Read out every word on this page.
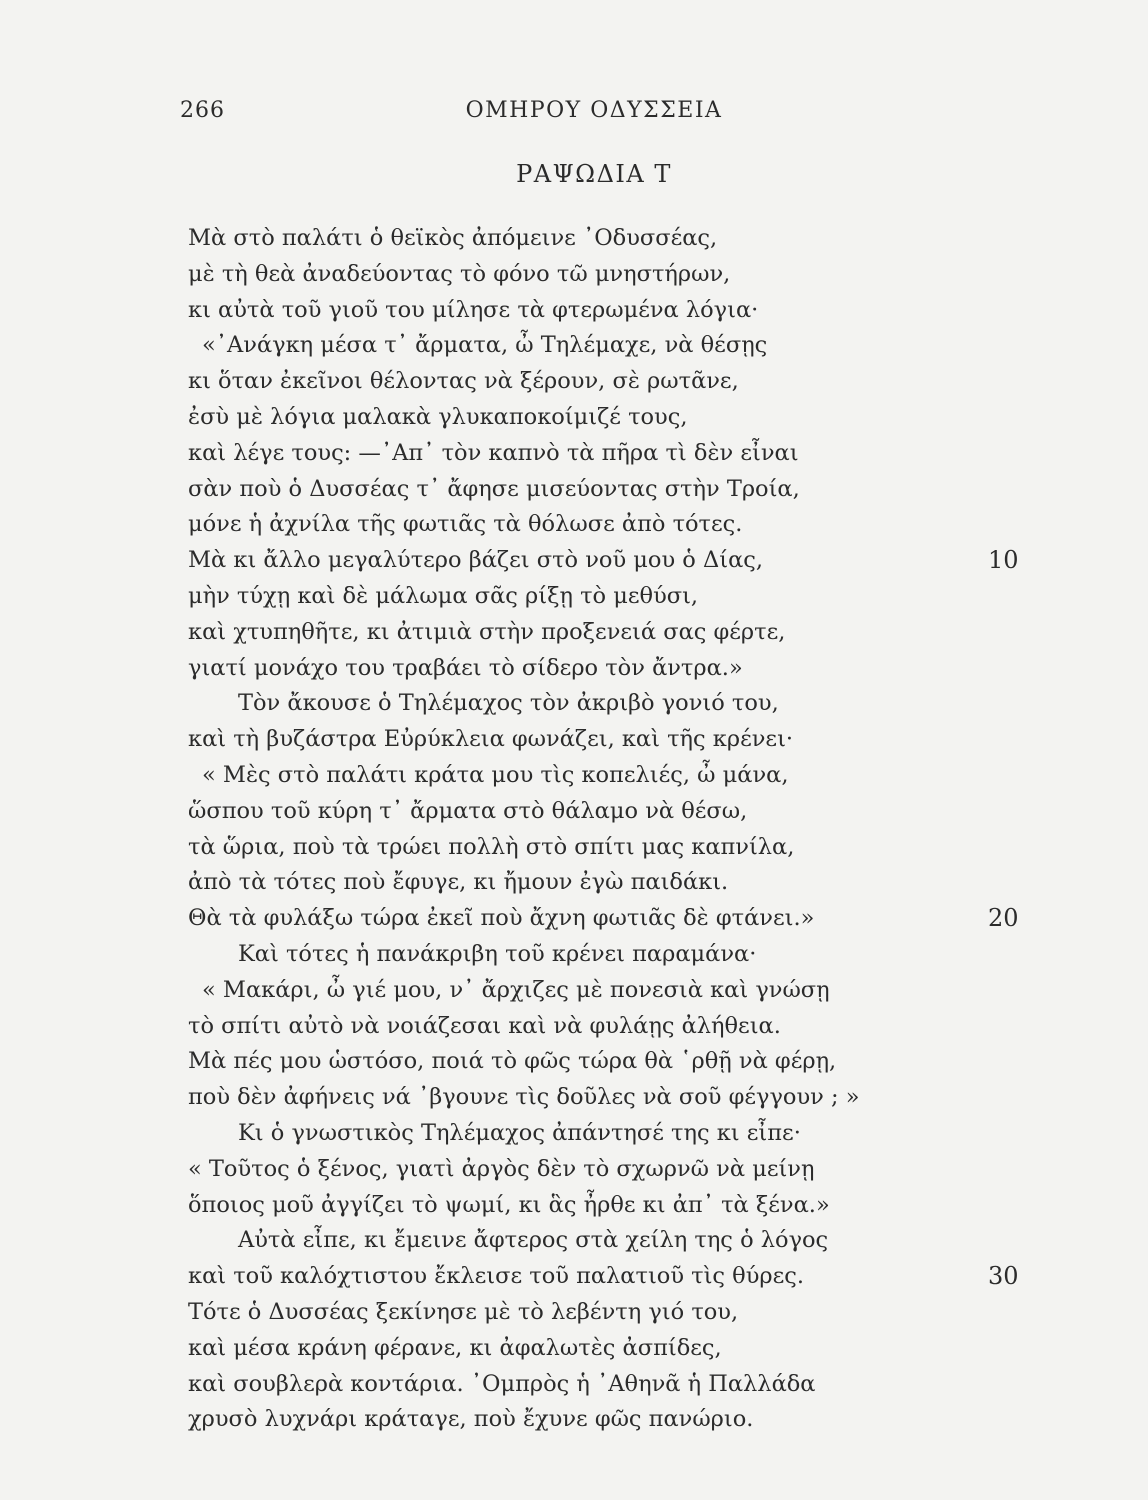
266	ΟΜΗΡΟΥ ΟΔΥΣΣΕΙΑ
ΡΑΨΩΔΙΑ Τ
Μὰ στὸ παλάτι ὁ θεϊκὸς ἀπόμεινε ᾿Οδυσσέας,
μὲ τὴ θεὰ ἀναδεύοντας τὸ φόνο τῶ μνηστήρων,
κι αὐτὰ τοῦ γιοῦ του μίλησε τὰ φτερωμένα λόγια·
«᾿Ανάγκη μέσα τ᾿ ἄρματα, ὦ Τηλέμαχε, νὰ θέσῃς
κι ὅταν ἐκεῖνοι θέλοντας νὰ ξέρουν, σὲ ρωτᾶνε,
ἐσὺ μὲ λόγια μαλακὰ γλυκαποκοίμιζέ τους,
καὶ λέγε τους: —᾿Απ᾿ τὸν καπνὸ τὰ πῆρα τὶ δὲν εἶναι
σὰν ποὺ ὁ Δυσσέας τ᾿ ἄφησε μισεύοντας στὴν Τροία,
μόνε ἡ ἀχνίλα τῆς φωτιᾶς τὰ θόλωσε ἀπὸ τότες.
Μὰ κι ἄλλο μεγαλύτερο βάζει στὸ νοῦ μου ὁ Δίας,	10
μὴν τύχῃ καὶ δὲ μάλωμα σᾶς ρίξῃ τὸ μεθύσι,
καὶ χτυπηθῆτε, κι ἀτιμιὰ στὴν προξενειά σας φέρτε,
γιατί μονάχο του τραβάει τὸ σίδερο τὸν ἄντρα.»
Τὸν ἄκουσε ὁ Τηλέμαχος τὸν ἀκριβὸ γονιό του,
καὶ τὴ βυζάστρα Εὐρύκλεια φωνάζει, καὶ τῆς κρένει·
« Μὲς στὸ παλάτι κράτα μου τὶς κοπελιές, ὦ μάνα,
ὥσπου τοῦ κύρη τ᾿ ἄρματα στὸ θάλαμο νὰ θέσω,
τὰ ὥρια, ποὺ τὰ τρώει πολλὴ στὸ σπίτι μας καπνίλα,
ἀπὸ τὰ τότες ποὺ ἔφυγε, κι ἤμουν ἐγὼ παιδάκι.
Θὰ τὰ φυλάξω τώρα ἐκεῖ ποὺ ἄχνη φωτιᾶς δὲ φτάνει.»	20
Καὶ τότες ἡ πανάκριβη τοῦ κρένει παραμάνα·
« Μακάρι, ὦ γιέ μου, ν᾿ ἄρχιζες μὲ πονεσιὰ καὶ γνώσῃ
τὸ σπίτι αὐτὸ νὰ νοιάζεσαι καὶ νὰ φυλάῃς ἀλήθεια.
Μὰ πές μου ὡστόσο, ποιά τὸ φῶς τώρα θὰ ῾ρθῇ νὰ φέρῃ,
ποὺ δὲν ἀφήνεις νά ᾿βγουνε τὶς δοῦλες νὰ σοῦ φέγγουν ; »
Κι ὁ γνωστικὸς Τηλέμαχος ἀπάντησέ της κι εἶπε·
« Τοῦτος ὁ ξένος, γιατὶ ἀργὸς δὲν τὸ σχωρνῶ νὰ μείνῃ
ὅποιος μοῦ ἀγγίζει τὸ ψωμί, κι ἃς ἦρθε κι ἀπ᾿ τὰ ξένα.»
Αὐτὰ εἶπε, κι ἔμεινε ἄφτερος στὰ χείλη της ὁ λόγος
καὶ τοῦ καλόχτιστου ἔκλεισε τοῦ παλατιοῦ τὶς θύρες.	30
Τότε ὁ Δυσσέας ξεκίνησε μὲ τὸ λεβέντη γιό του,
καὶ μέσα κράνη φέρανε, κι ἀφαλωτὲς ἀσπίδες,
καὶ σουβλερὰ κοντάρια. ᾿Ομπρὸς ἡ ᾿Αθηνᾶ ἡ Παλλάδα
χρυσὸ λυχνάρι κράταγε, ποὺ ἔχυνε φῶς πανώριο.
